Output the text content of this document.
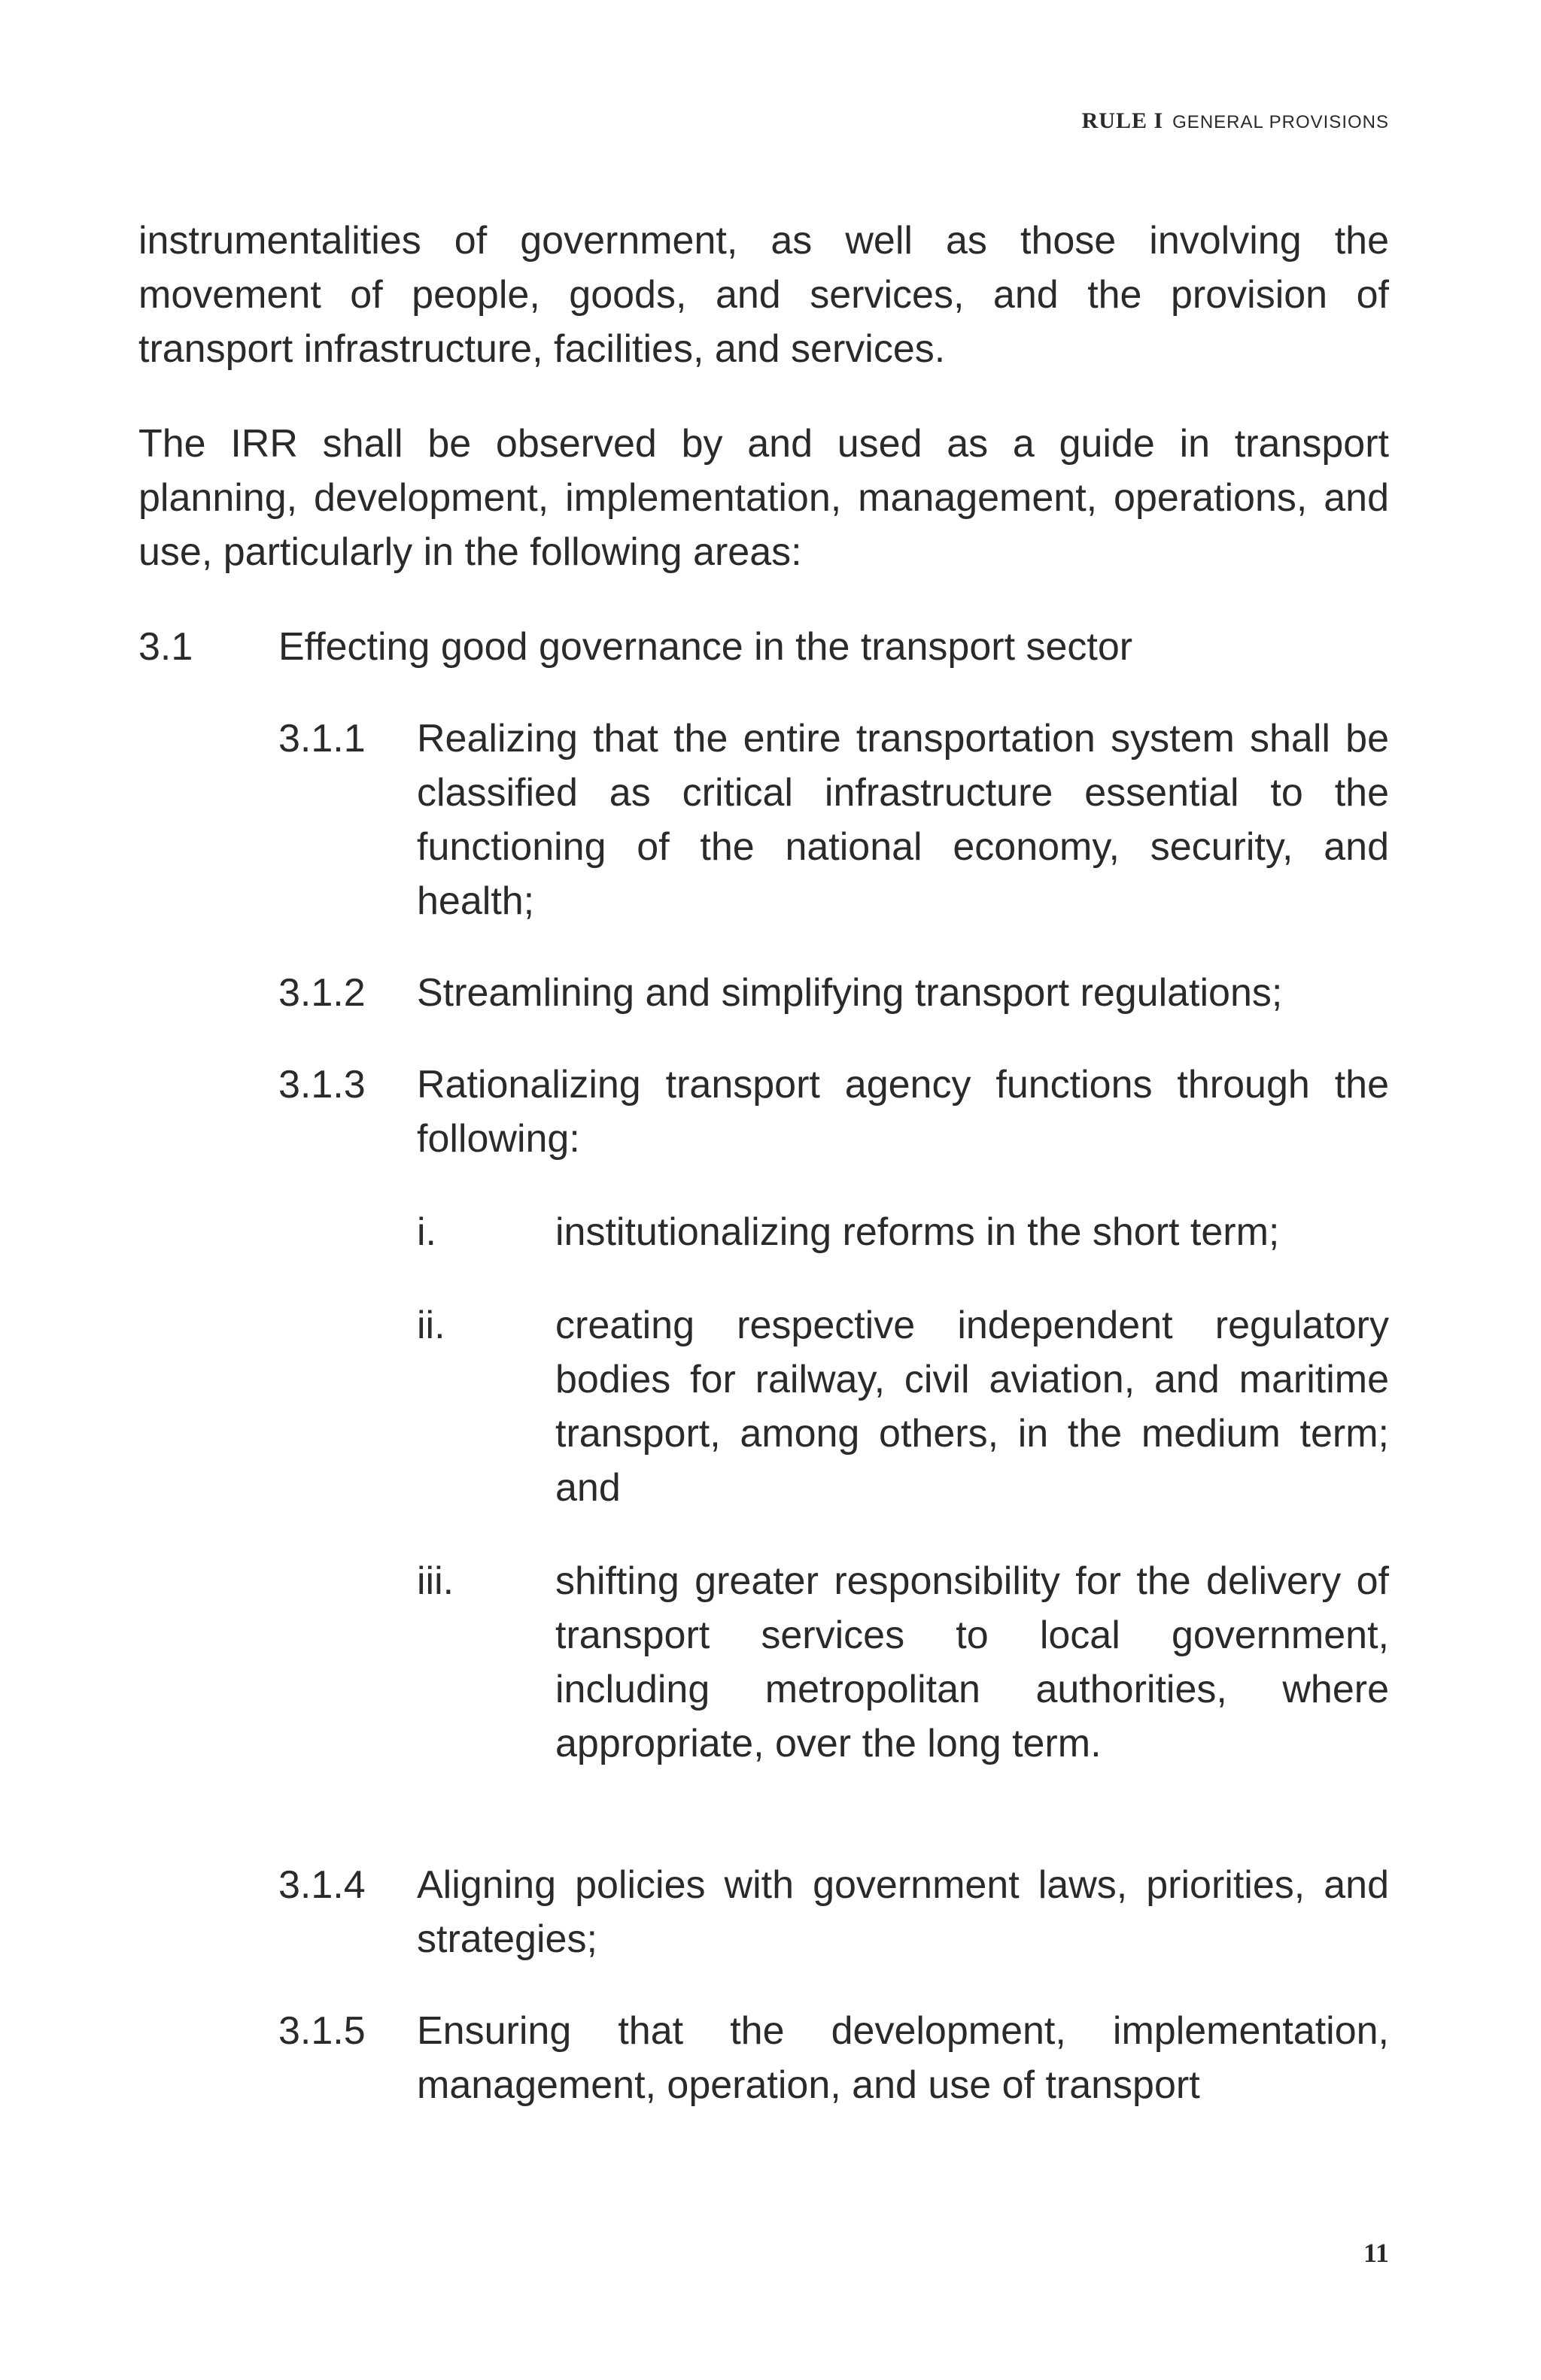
RULE I GENERAL PROVISIONS

instrumentalities of government, as well as those involving the movement of people, goods, and services, and the provision of transport infrastructure, facilities, and services.

The IRR shall be observed by and used as a guide in transport planning, development, implementation, management, operations, and use, particularly in the following areas:

3.1	Effecting good governance in the transport sector
3.1.1	Realizing that the entire transportation system shall be classified as critical infrastructure essential to the functioning of the national economy, security, and health;
3.1.2	Streamlining and simplifying transport regulations;
3.1.3	Rationalizing transport agency functions through the following:
i.	institutionalizing reforms in the short term;
ii.	creating respective independent regulatory bodies for railway, civil aviation, and maritime transport, among others, in the medium term; and
iii.	shifting greater responsibility for the delivery of transport services to local government, including metropolitan authorities, where appropriate, over the long term.
3.1.4	Aligning policies with government laws, priorities, and strategies;
3.1.5	Ensuring that the development, implementation, management, operation, and use of transport
11
